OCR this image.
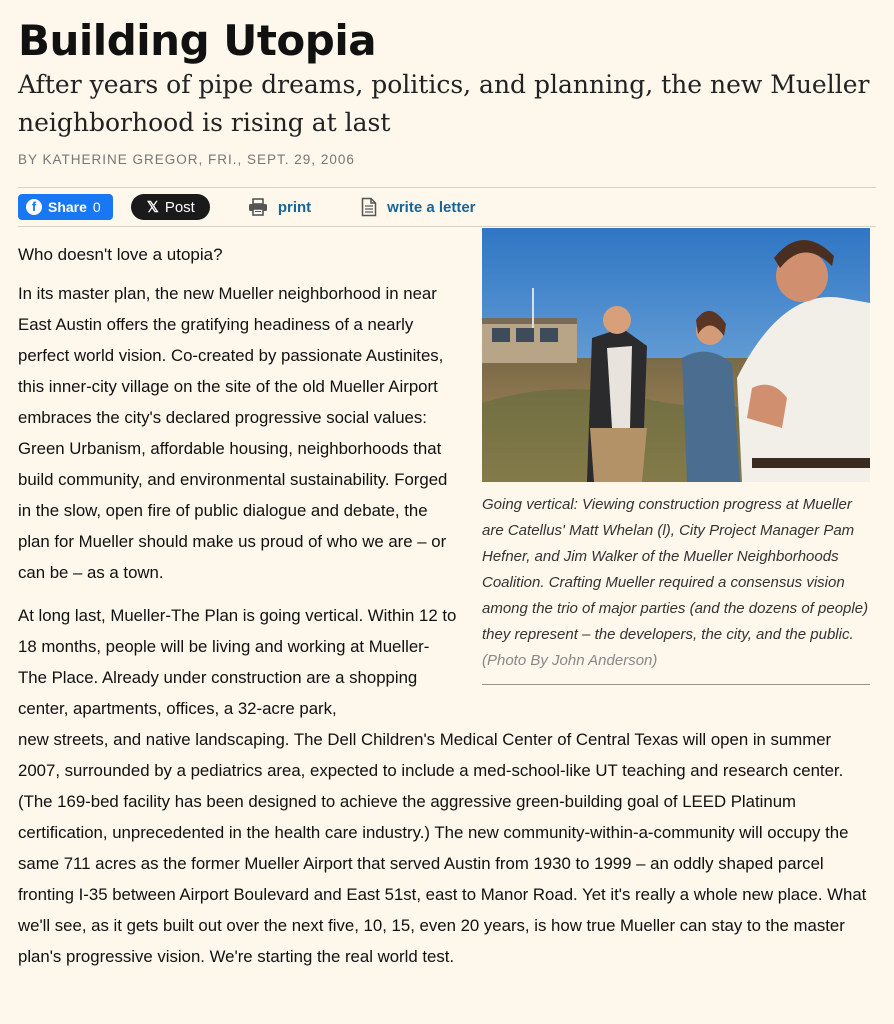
Building Utopia
After years of pipe dreams, politics, and planning, the new Mueller neighborhood is rising at last
BY KATHERINE GREGOR, FRI., SEPT. 29, 2006
f Share 0	𝕏 Post	print	write a letter
Going vertical: Viewing construction progress at Mueller are Catellus' Matt Whelan (l), City Project Manager Pam Hefner, and Jim Walker of the Mueller Neighborhoods Coalition. Crafting Mueller required a consensus vision among the trio of major parties (and the dozens of people) they represent – the developers, the city, and the public. (Photo By John Anderson)
Who doesn't love a utopia?

In its master plan, the new Mueller neighborhood in near East Austin offers the gratifying headiness of a nearly perfect world vision. Co-created by passionate Austinites, this inner-city village on the site of the old Mueller Airport embraces the city's declared progressive social values: Green Urbanism, affordable housing, neighborhoods that build community, and environmental sustainability. Forged in the slow, open fire of public dialogue and debate, the plan for Mueller should make us proud of who we are – or can be – as a town.

At long last, Mueller-The Plan is going vertical. Within 12 to 18 months, people will be living and working at Mueller-The Place. Already under construction are a shopping center, apartments, offices, a 32-acre park,

new streets, and native landscaping. The Dell Children's Medical Center of Central Texas will open in summer 2007, surrounded by a pediatrics area, expected to include a med-school-like UT teaching and research center. (The 169-bed facility has been designed to achieve the aggressive green-building goal of LEED Platinum certification, unprecedented in the health care industry.) The new community-within-a-community will occupy the same 711 acres as the former Mueller Airport that served Austin from 1930 to 1999 – an oddly shaped parcel fronting I-35 between Airport Boulevard and East 51st, east to Manor Road. Yet it's really a whole new place. What we'll see, as it gets built out over the next five, 10, 15, even 20 years, is how true Mueller can stay to the master plan's progressive vision. We're starting the real world test.
